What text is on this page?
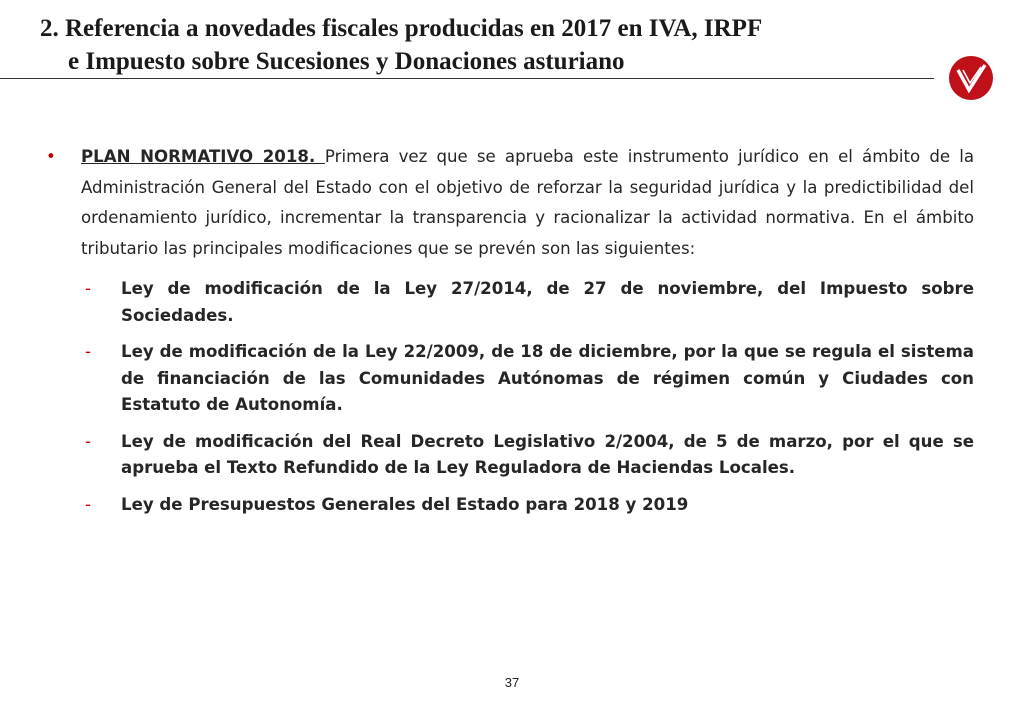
2. Referencia a novedades fiscales producidas en 2017 en IVA, IRPF
e Impuesto sobre Sucesiones y Donaciones asturiano
• PLAN NORMATIVO 2018. Primera vez que se aprueba este instrumento jurídico en el ámbito de la Administración General del Estado con el objetivo de reforzar la seguridad jurídica y la predictibilidad del ordenamiento jurídico, incrementar la transparencia y racionalizar la actividad normativa. En el ámbito tributario las principales modificaciones que se prevén son las siguientes:
- Ley de modificación de la Ley 27/2014, de 27 de noviembre, del Impuesto sobre Sociedades.
- Ley de modificación de la Ley 22/2009, de 18 de diciembre, por la que se regula el sistema de financiación de las Comunidades Autónomas de régimen común y Ciudades con Estatuto de Autonomía.
- Ley de modificación del Real Decreto Legislativo 2/2004, de 5 de marzo, por el que se aprueba el Texto Refundido de la Ley Reguladora de Haciendas Locales.
- Ley de Presupuestos Generales del Estado para 2018 y 2019
37
